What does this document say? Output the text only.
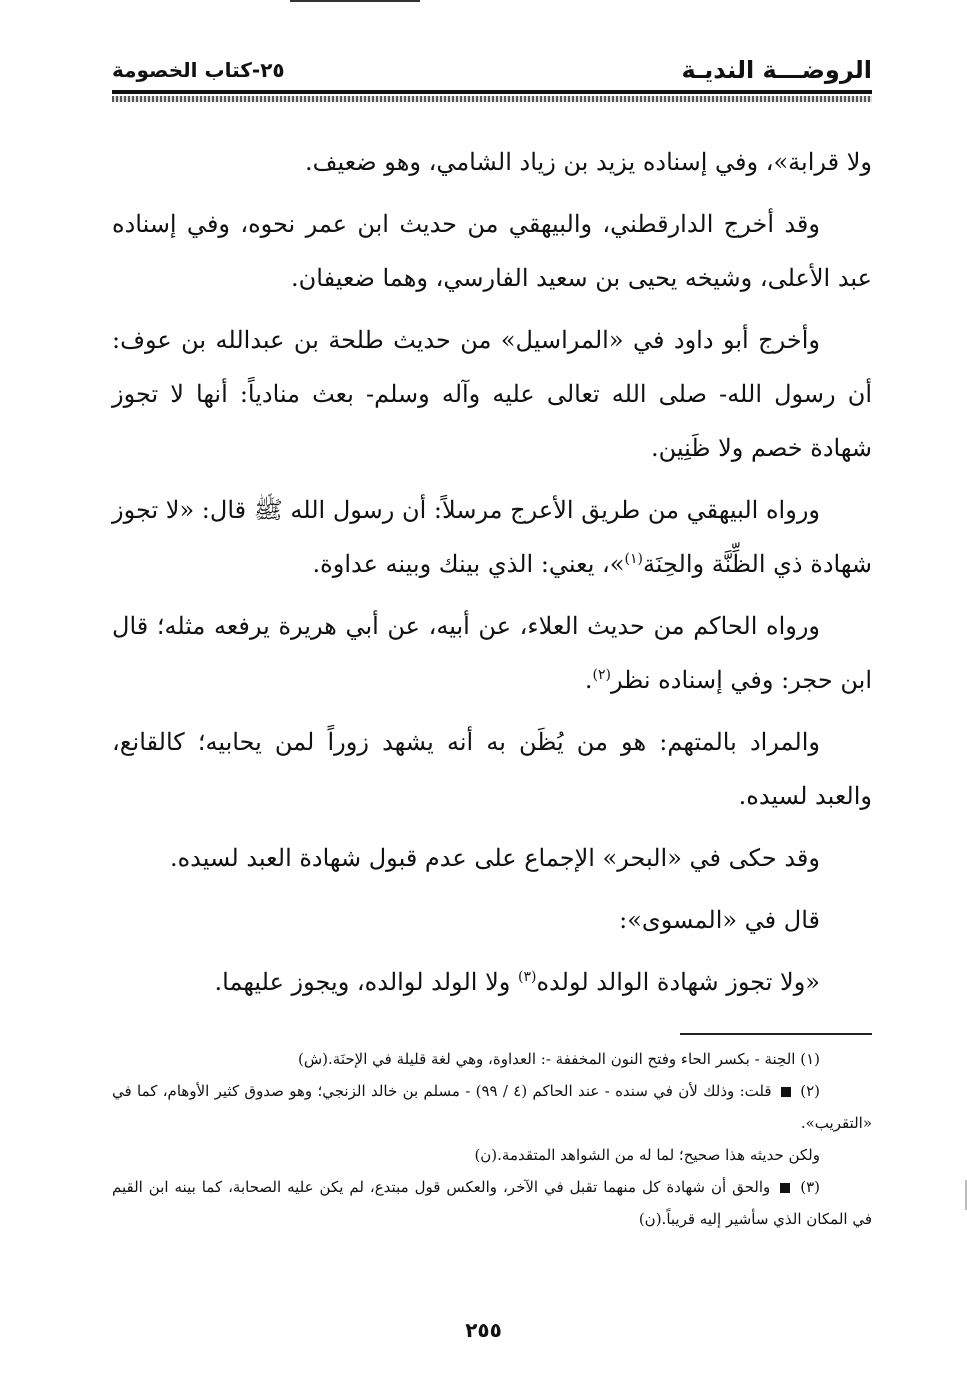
الروضـــة النديـة
٢٥-كتاب الخصومة

ولا قرابة»، وفي إسناده يزيد بن زياد الشامي، وهو ضعيف.

وقد أخرج الدارقطني، والبيهقي من حديث ابن عمر نحوه، وفي إسناده عبد الأعلى، وشيخه يحيى بن سعيد الفارسي، وهما ضعيفان.

وأخرج أبو داود في «المراسيل» من حديث طلحة بن عبدالله بن عوف: أن رسول الله- صلى الله تعالى عليه وآله وسلم- بعث منادياً: أنها لا تجوز شهادة خصم ولا ظَنِين.

ورواه البيهقي من طريق الأعرج مرسلاً: أن رسول الله ﷺ قال: «لا تجوز شهادة ذي الظِّنَّة والحِنَة$^{(١)}$»، يعني: الذي بينك وبينه عداوة.

ورواه الحاكم من حديث العلاء، عن أبيه، عن أبي هريرة يرفعه مثله؛ قال ابن حجر: وفي إسناده نظر$^{(٢)}$.

والمراد بالمتهم: هو من يُظَن به أنه يشهد زوراً لمن يحابيه؛ كالقانع، والعبد لسيده.

وقد حكى في «البحر» الإجماع على عدم قبول شهادة العبد لسيده.

قال في «المسوى»:

«ولا تجوز شهادة الوالد لولده$^{(٣)}$ ولا الولد لوالده، ويجوز عليهما.

(١) الحِنة - بكسر الحاء وفتح النون المخففة -: العداوة، وهي لغة قليلة في الإحنَة.(ش)

(٢)  قلت: وذلك لأن في سنده - عند الحاكم (٤ / ٩٩) - مسلم بن خالد الزنجي؛ وهو صدوق كثير الأوهام، كما في «التقريب».

ولكن حديثه هذا صحيح؛ لما له من الشواهد المتقدمة.(ن)

(٣)  والحق أن شهادة كل منهما تقبل في الآخر، والعكس قول مبتدع، لم يكن عليه الصحابة، كما بينه ابن القيم في المكان الذي سأشير إليه قريباً.(ن)

٢٥٥
